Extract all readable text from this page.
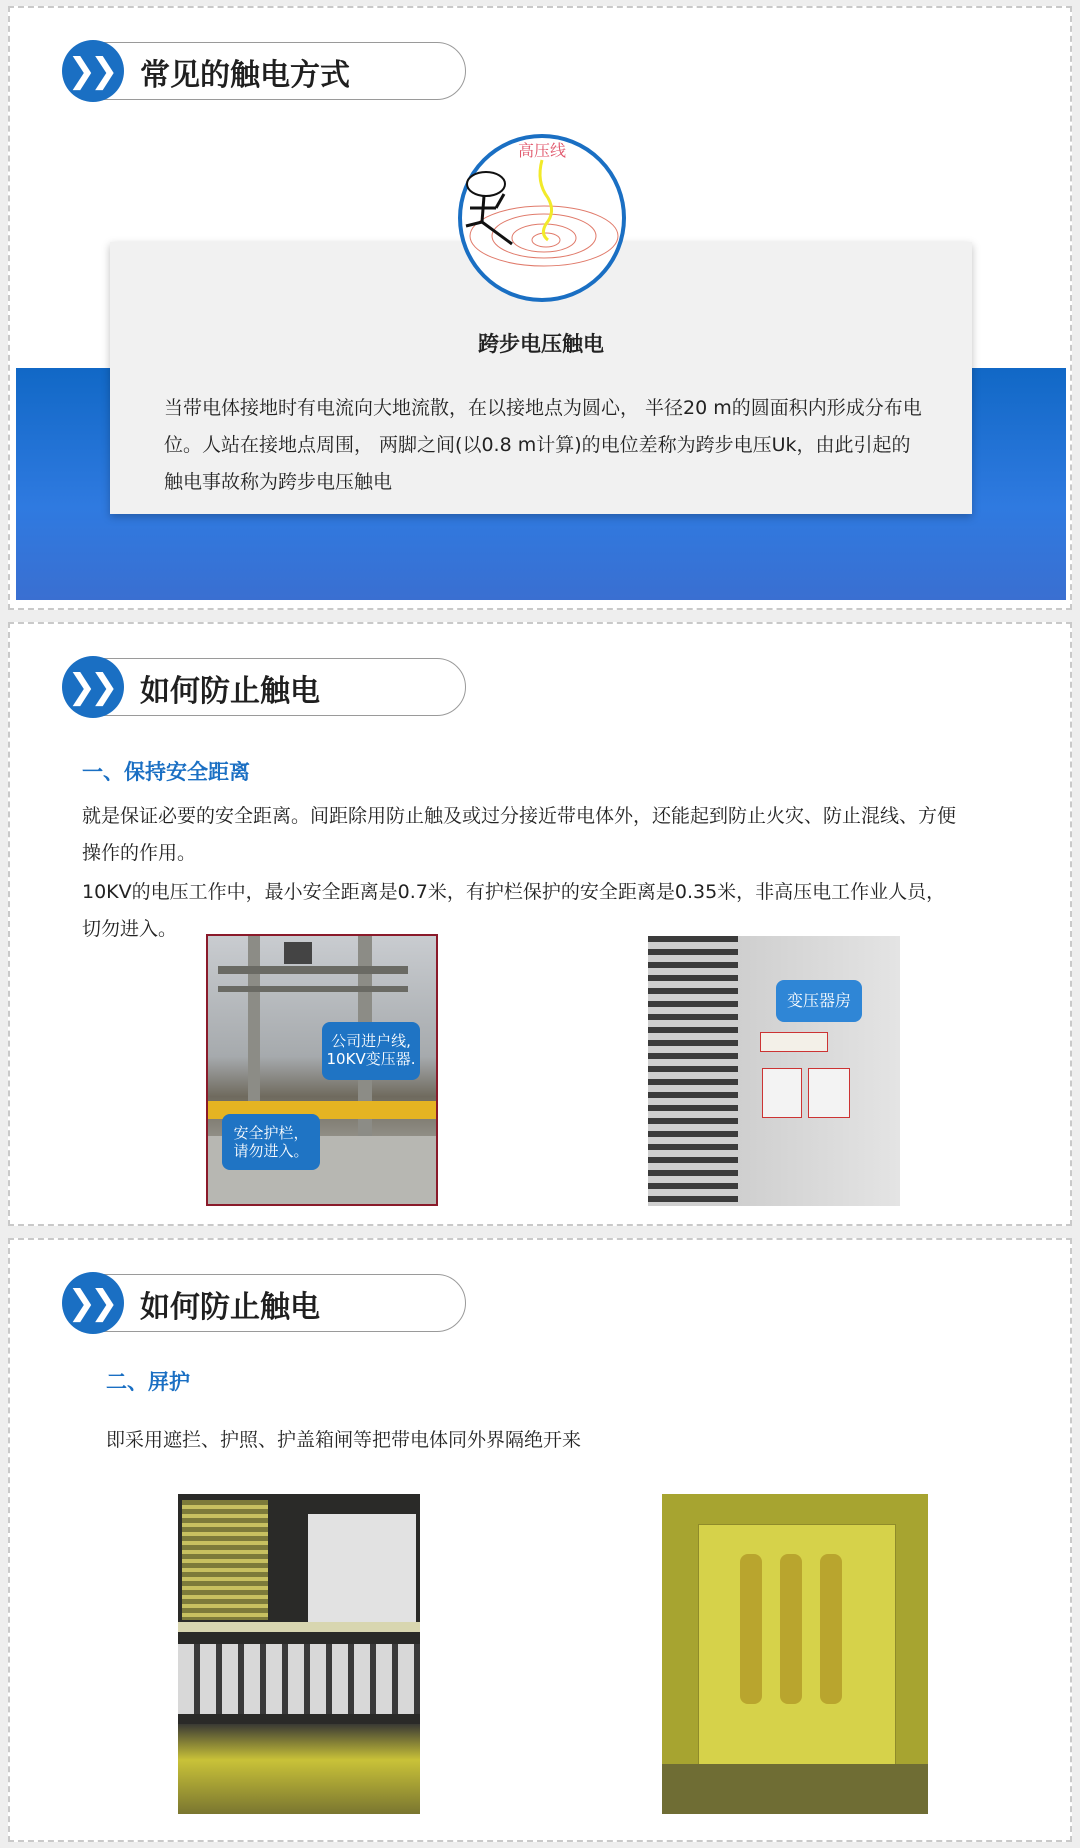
❯❯ 常见的触电方式
跨步电压触电
当带电体接地时有电流向大地流散，在以接地点为圆心， 半径20 m的圆面积内形成分布电位。人站在接地点周围， 两脚之间(以0.8 m计算)的电位差称为跨步电压Uk，由此引起的触电事故称为跨步电压触电
高压线
❯❯ 如何防止触电
一、保持安全距离
就是保证必要的安全距离。间距除用防止触及或过分接近带电体外，还能起到防止火灾、防止混线、方便操作的作用。
10KV的电压工作中，最小安全距离是0.7米，有护栏保护的安全距离是0.35米，非高压电工作业人员，切勿进入。
公司进户线,
10KV变压器.
安全护栏，
请勿进入。
变压器房
❯❯ 如何防止触电
二、屏护
即采用遮拦、护照、护盖箱闸等把带电体同外界隔绝开来
